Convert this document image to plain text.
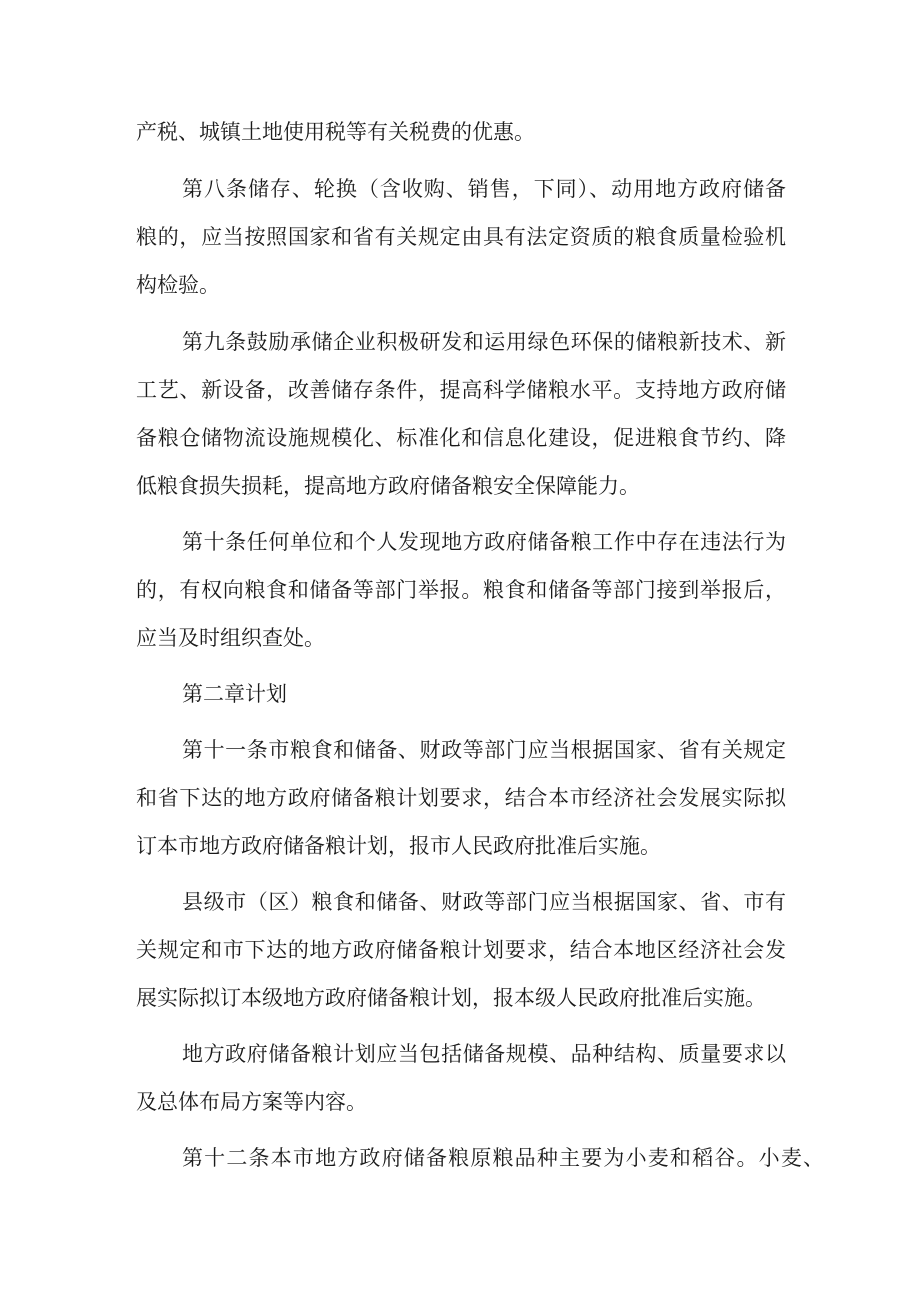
产税、城镇土地使用税等有关税费的优惠。
第八条储存、轮换（含收购、销售，下同）、动用地方政府储备
粮的，应当按照国家和省有关规定由具有法定资质的粮食质量检验机
构检验。
第九条鼓励承储企业积极研发和运用绿色环保的储粮新技术、新
工艺、新设备，改善储存条件，提高科学储粮水平。支持地方政府储
备粮仓储物流设施规模化、标准化和信息化建设，促进粮食节约、降
低粮食损失损耗，提高地方政府储备粮安全保障能力。
第十条任何单位和个人发现地方政府储备粮工作中存在违法行为
的，有权向粮食和储备等部门举报。粮食和储备等部门接到举报后，
应当及时组织查处。
第二章计划
第十一条市粮食和储备、财政等部门应当根据国家、省有关规定
和省下达的地方政府储备粮计划要求，结合本市经济社会发展实际拟
订本市地方政府储备粮计划，报市人民政府批准后实施。
县级市（区）粮食和储备、财政等部门应当根据国家、省、市有
关规定和市下达的地方政府储备粮计划要求，结合本地区经济社会发
展实际拟订本级地方政府储备粮计划，报本级人民政府批准后实施。
地方政府储备粮计划应当包括储备规模、品种结构、质量要求以
及总体布局方案等内容。
第十二条本市地方政府储备粮原粮品种主要为小麦和稻谷。小麦、
